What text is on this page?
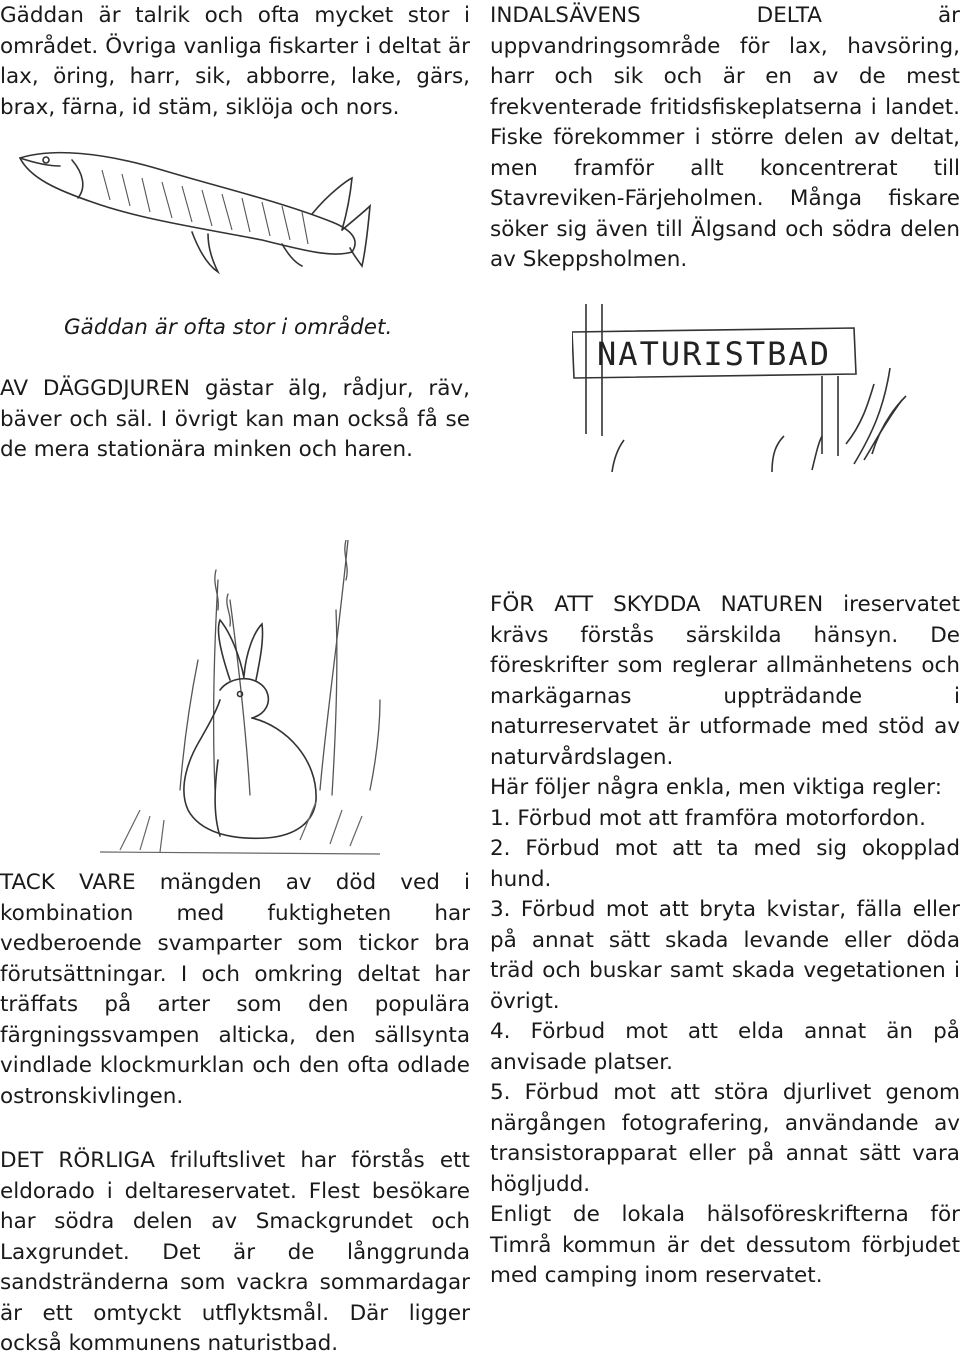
Gäddan är talrik och ofta mycket stor i området. Övriga vanliga fiskarter i deltat är lax, öring, harr, sik, abborre, lake, gärs, brax, färna, id stäm, siklöja och nors.

Gäddan är ofta stor i området.

INDALSÄVENS DELTA är uppvandringsområde för lax, havsöring, harr och sik och är en av de mest frekventerade fritidsfiskeplatserna i landet. Fiske förekommer i större delen av deltat, men framför allt koncentrerat till Stavreviken-Färjeholmen. Många fiskare söker sig även till Älgsand och södra delen av Skeppsholmen.

AV DÄGGDJUREN gästar älg, rådjur, räv, bäver och säl. I övrigt kan man också få se de mera stationära minken och haren.

NATURISTBAD

TACK VARE mängden av död ved i kombination med fuktigheten har vedberoende svamparter som tickor bra förutsättningar. I och omkring deltat har träffats på arter som den populära färgningssvampen alticka, den sällsynta vindlade klockmurklan och den ofta odlade ostronskivlingen.

DET RÖRLIGA friluftslivet har förstås ett eldorado i deltareservatet. Flest besökare har södra delen av Smackgrundet och Laxgrundet. Det är de långgrunda sandstränderna som vackra sommardagar är ett omtyckt utflyktsmål. Där ligger också kommunens naturistbad.

FÖR ATT SKYDDA NATUREN ireservatet krävs förstås särskilda hänsyn. De föreskrifter som reglerar allmänhetens och markägarnas uppträdande i naturreservatet är utformade med stöd av naturvårdslagen.

Här följer några enkla, men viktiga regler:

1. Förbud mot att framföra motorfordon.
2. Förbud mot att ta med sig okopplad hund.
3. Förbud mot att bryta kvistar, fälla eller på annat sätt skada levande eller döda träd och buskar samt skada vegetationen i övrigt.
4. Förbud mot att elda annat än på anvisade platser.
5. Förbud mot att störa djurlivet genom närgången fotografering, användande av transistorapparat eller på annat sätt vara högljudd.

Enligt de lokala hälsoföreskrifterna för Timrå kommun är det dessutom förbjudet med camping inom reservatet.
